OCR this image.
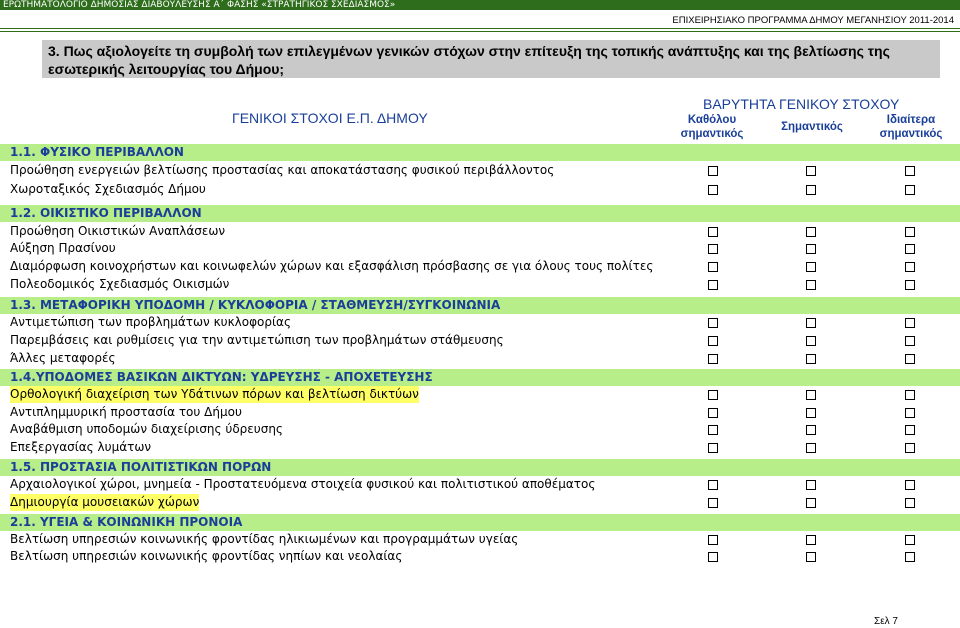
ΕΡΩΤΗΜΑΤΟΛΟΓΙΟ ΔΗΜΟΣΙΑΣ ΔΙΑΒΟΥΛΕΥΣΗΣ Α΄ ΦΑΣΗΣ «ΣΤΡΑΤΗΓΙΚΟΣ ΣΧΕΔΙΑΣΜΟΣ»
ΕΠΙΧΕΙΡΗΣΙΑΚΟ ΠΡΟΓΡΑΜΜΑ ΔΗΜΟΥ ΜΕΓΑΝΗΣΙΟΥ 2011-2014
3. Πως αξιολογείτε τη συμβολή των επιλεγμένων γενικών στόχων στην επίτευξη της τοπικής ανάπτυξης και της βελτίωσης της εσωτερικής λειτουργίας του Δήμου;
ΓΕΝΙΚΟΙ ΣΤΟΧΟΙ Ε.Π. ΔΗΜΟΥ
ΒΑΡΥΤΗΤΑ ΓΕΝΙΚΟΥ ΣΤΟΧΟΥ
Καθόλου
σημαντικός
Σημαντικός
Ιδιαίτερα
σημαντικός
1.1. ΦΥΣΙΚΟ ΠΕΡΙΒΑΛΛΟΝ
Προώθηση ενεργειών βελτίωσης προστασίας και αποκατάστασης φυσικού περιβάλλοντος
Χωροταξικός Σχεδιασμός Δήμου
1.2. ΟΙΚΙΣΤΙΚΟ ΠΕΡΙΒΑΛΛΟΝ
Προώθηση Οικιστικών Αναπλάσεων
Αύξηση Πρασίνου
Διαμόρφωση κοινοχρήστων και κοινωφελών χώρων και εξασφάλιση πρόσβασης σε για όλους τους πολίτες
Πολεοδομικός Σχεδιασμός Οικισμών
1.3. ΜΕΤΑΦΟΡΙΚΗ ΥΠΟΔΟΜΗ / ΚΥΚΛΟΦΟΡΙΑ / ΣΤΑΘΜΕΥΣΗ/ΣΥΓΚΟΙΝΩΝΙΑ
Αντιμετώπιση των προβλημάτων κυκλοφορίας
Παρεμβάσεις και ρυθμίσεις για την αντιμετώπιση των προβλημάτων στάθμευσης
Άλλες μεταφορές
1.4.ΥΠΟΔΟΜΕΣ ΒΑΣΙΚΩΝ ΔΙΚΤΥΩΝ: ΥΔΡΕΥΣΗΣ - ΑΠΟΧΕΤΕΥΣΗΣ
Ορθολογική διαχείριση των Υδάτινων πόρων και βελτίωση δικτύων
Αντιπλημμυρική προστασία του Δήμου
Αναβάθμιση υποδομών διαχείρισης ύδρευσης
Επεξεργασίας λυμάτων
1.5. ΠΡΟΣΤΑΣΙΑ ΠΟΛΙΤΙΣΤΙΚΩΝ ΠΟΡΩΝ
Αρχαιολογικοί χώροι, μνημεία - Προστατευόμενα στοιχεία φυσικού και πολιτιστικού αποθέματος
Δημιουργία μουσειακών χώρων
2.1. ΥΓΕΙΑ & ΚΟΙΝΩΝΙΚΗ ΠΡΟΝΟΙΑ
Βελτίωση υπηρεσιών κοινωνικής φροντίδας ηλικιωμένων και προγραμμάτων υγείας
Βελτίωση υπηρεσιών κοινωνικής φροντίδας νηπίων και νεολαίας
Σελ 7
